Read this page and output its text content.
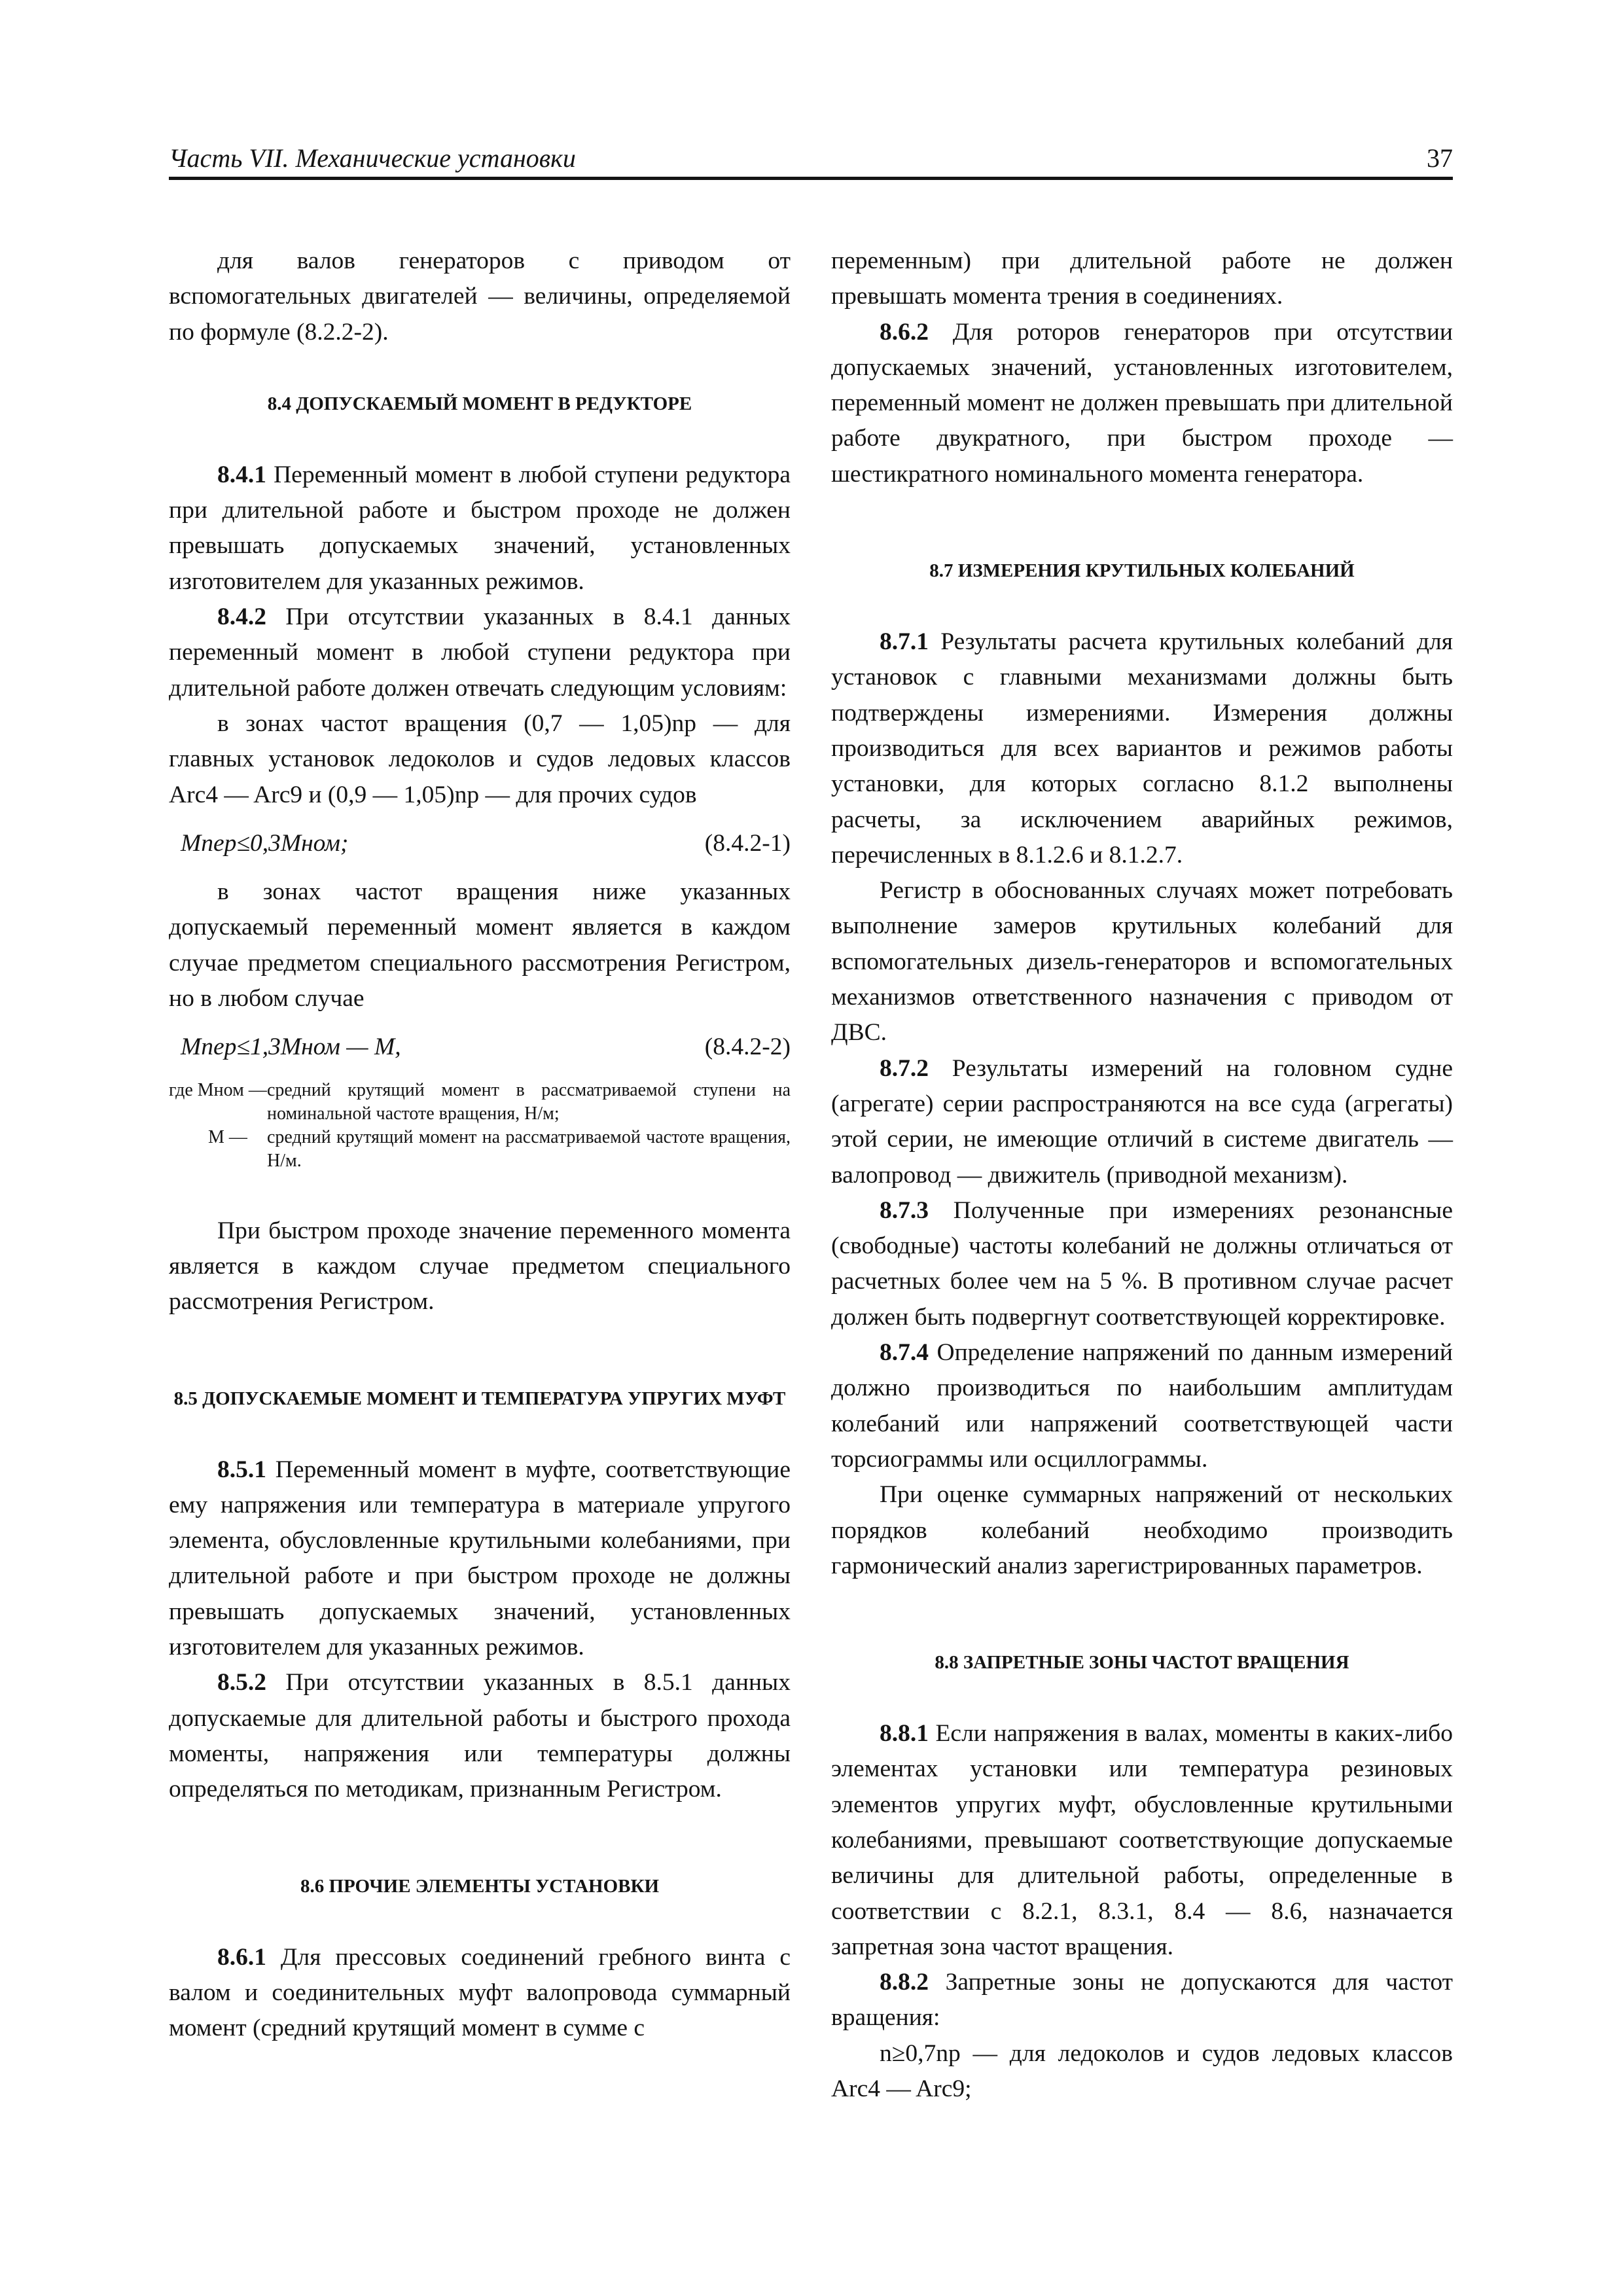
Часть VII. Механические установки	37

для валов генераторов с приводом от вспомогательных двигателей — величины, определяемой по формуле (8.2.2-2).

8.4 ДОПУСКАЕМЫЙ МОМЕНТ В РЕДУКТОРЕ

8.4.1 Переменный момент в любой ступени редуктора при длительной работе и быстром проходе не должен превышать допускаемых значений, установленных изготовителем для указанных режимов.

8.4.2 При отсутствии указанных в 8.4.1 данных переменный момент в любой ступени редуктора при длительной работе должен отвечать следующим условиям:

в зонах частот вращения (0,7 — 1,05)nр — для главных установок ледоколов и судов ледовых классов Arc4 — Arc9 и (0,9 — 1,05)nр — для прочих судов

Mпер≤0,3Mном;	(8.4.2-1)

в зонах частот вращения ниже указанных допускаемый переменный момент является в каждом случае предметом специального рассмотрения Регистром, но в любом случае

Mпер≤1,3Mном — M,	(8.4.2-2)
где Mном — средний крутящий момент в рассматриваемой ступени на номинальной частоте вращения, Н/м;
M —	средний крутящий момент на рассматриваемой частоте вращения, Н/м.

При быстром проходе значение переменного момента является в каждом случае предметом специального рассмотрения Регистром.

8.5 ДОПУСКАЕМЫЕ МОМЕНТ И ТЕМПЕРАТУРА УПРУГИХ МУФТ

8.5.1 Переменный момент в муфте, соответствующие ему напряжения или температура в материале упругого элемента, обусловленные крутильными колебаниями, при длительной работе и при быстром проходе не должны превышать допускаемых значений, установленных изготовителем для указанных режимов.

8.5.2 При отсутствии указанных в 8.5.1 данных допускаемые для длительной работы и быстрого прохода моменты, напряжения или температуры должны определяться по методикам, признанным Регистром.

8.6 ПРОЧИЕ ЭЛЕМЕНТЫ УСТАНОВКИ

8.6.1 Для прессовых соединений гребного винта с валом и соединительных муфт валопровода суммарный момент (средний крутящий момент в сумме с

переменным) при длительной работе не должен превышать момента трения в соединениях.

8.6.2 Для роторов генераторов при отсутствии допускаемых значений, установленных изготовителем, переменный момент не должен превышать при длительной работе двукратного, при быстром проходе — шестикратного номинального момента генератора.

8.7 ИЗМЕРЕНИЯ КРУТИЛЬНЫХ КОЛЕБАНИЙ

8.7.1 Результаты расчета крутильных колебаний для установок с главными механизмами должны быть подтверждены измерениями. Измерения должны производиться для всех вариантов и режимов работы установки, для которых согласно 8.1.2 выполнены расчеты, за исключением аварийных режимов, перечисленных в 8.1.2.6 и 8.1.2.7.

Регистр в обоснованных случаях может потребовать выполнение замеров крутильных колебаний для вспомогательных дизель-генераторов и вспомогательных механизмов ответственного назначения с приводом от ДВС.

8.7.2 Результаты измерений на головном судне (агрегате) серии распространяются на все суда (агрегаты) этой серии, не имеющие отличий в системе двигатель — валопровод — движитель (приводной механизм).

8.7.3 Полученные при измерениях резонансные (свободные) частоты колебаний не должны отличаться от расчетных более чем на 5 %. В противном случае расчет должен быть подвергнут соответствующей корректировке.

8.7.4 Определение напряжений по данным измерений должно производиться по наибольшим амплитудам колебаний или напряжений соответствующей части торсиограммы или осциллограммы.

При оценке суммарных напряжений от нескольких порядков колебаний необходимо производить гармонический анализ зарегистрированных параметров.

8.8 ЗАПРЕТНЫЕ ЗОНЫ ЧАСТОТ ВРАЩЕНИЯ

8.8.1 Если напряжения в валах, моменты в каких-либо элементах установки или температура резиновых элементов упругих муфт, обусловленные крутильными колебаниями, превышают соответствующие допускаемые величины для длительной работы, определенные в соответствии с 8.2.1, 8.3.1, 8.4 — 8.6, назначается запретная зона частот вращения.

8.8.2 Запретные зоны не допускаются для частот вращения:

n≥0,7nр — для ледоколов и судов ледовых классов Arc4 — Arc9;
